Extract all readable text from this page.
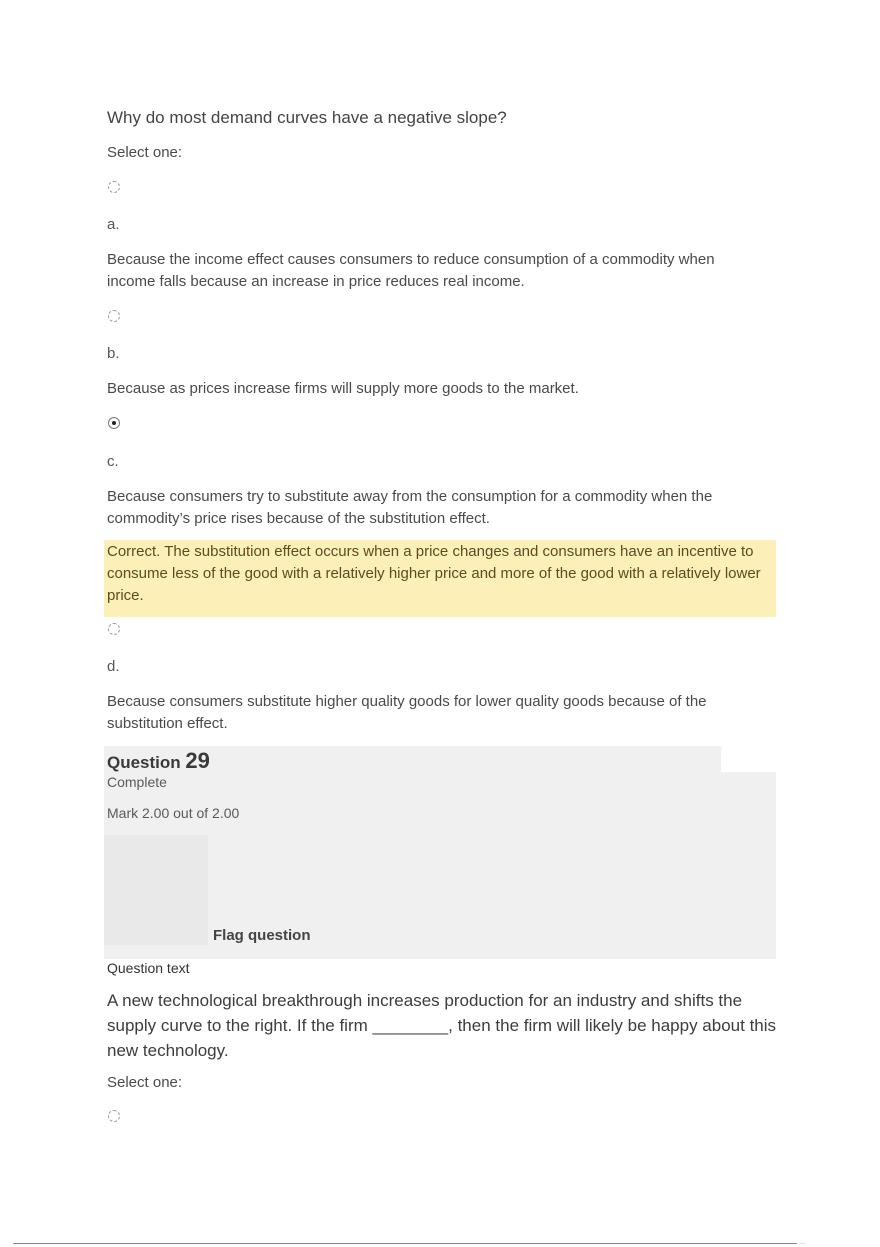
Why do most demand curves have a negative slope?
Select one:
a.
Because the income effect causes consumers to reduce consumption of a commodity when income falls because an increase in price reduces real income.
b.
Because as prices increase firms will supply more goods to the market.
c.
Because consumers try to substitute away from the consumption for a commodity when the commodity’s price rises because of the substitution effect.
Correct. The substitution effect occurs when a price changes and consumers have an incentive to consume less of the good with a relatively higher price and more of the good with a relatively lower price.
d.
Because consumers substitute higher quality goods for lower quality goods because of the substitution effect.
Question 29
Complete
Mark 2.00 out of 2.00
Flag question
Question text
A new technological breakthrough increases production for an industry and shifts the supply curve to the right. If the firm ________, then the firm will likely be happy about this new technology.
Select one:
...
